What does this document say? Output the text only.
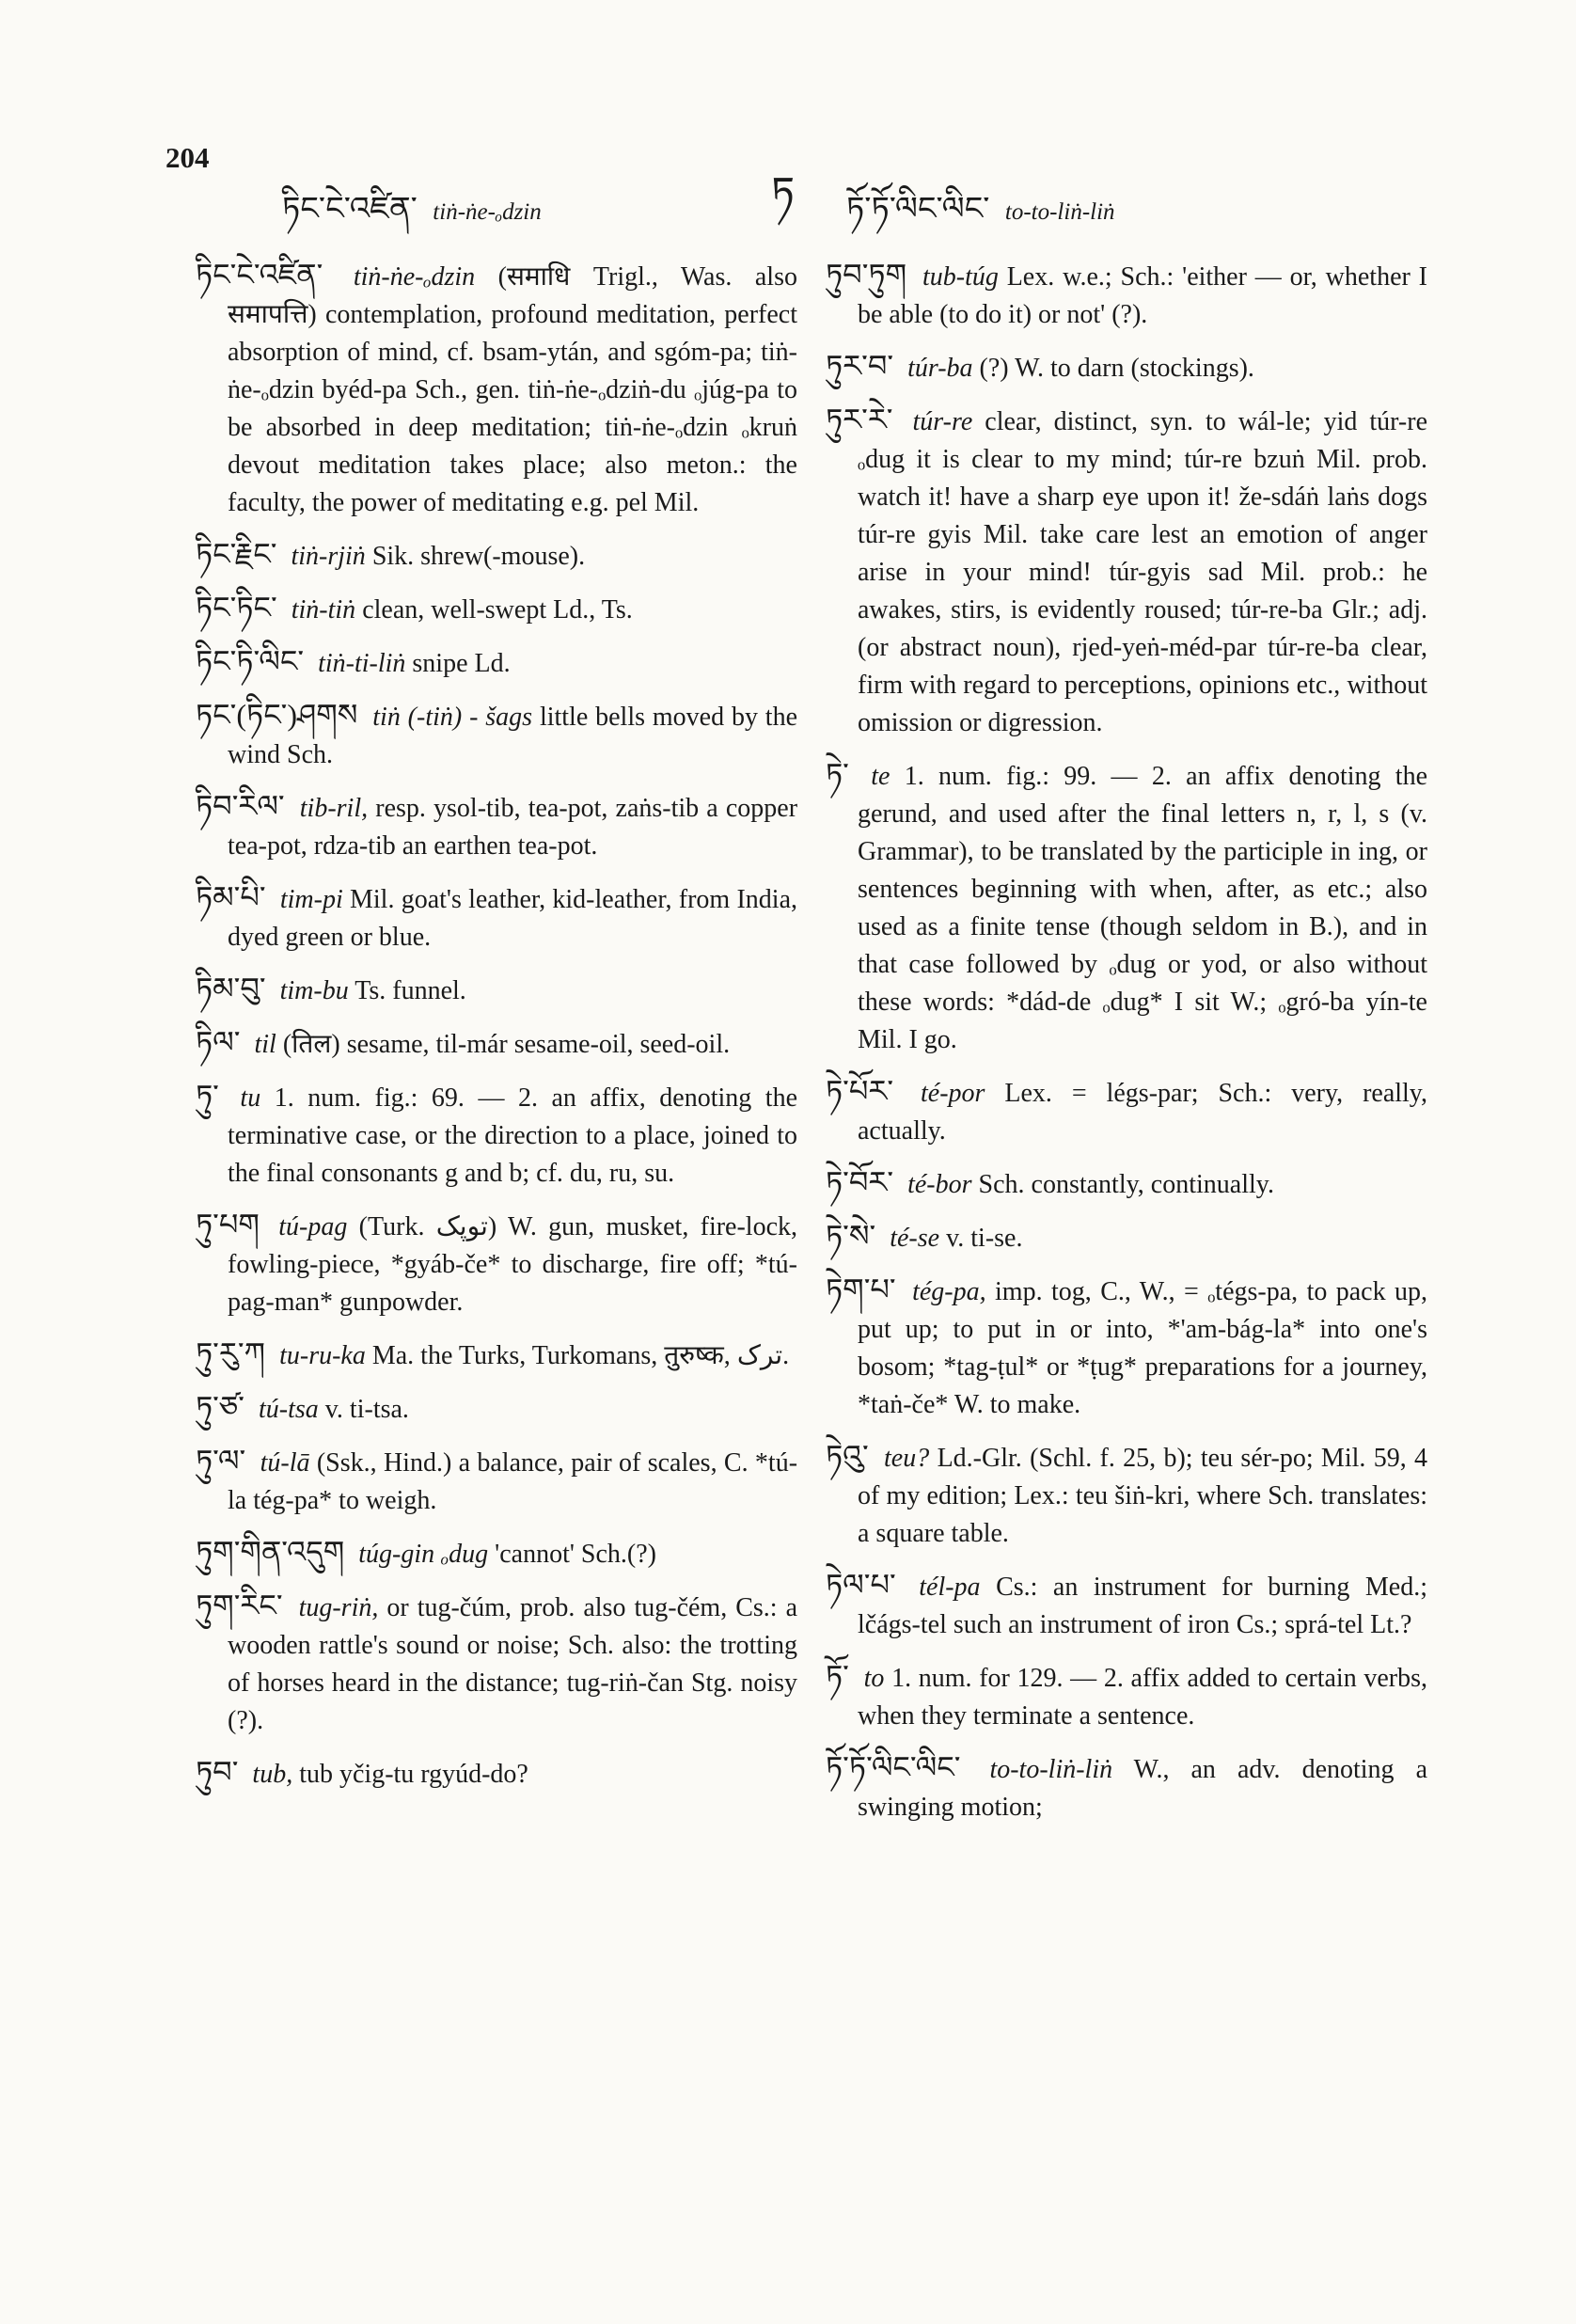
204
ཏིང་ངེ་འཛིན་ tiṅ-ṅe-ₒdzin	ཏ ཏོ་ཏོ་ལིང་ལིང་ to-to-liṅ-liṅ

ཏིང་ངེ་འཛིན་ tiṅ-ṅe-ₒdzin (समाधि Trigl., Was. also समापत्ति) contemplation, profound meditation, perfect absorption of mind, cf. bsam-ytán, and sgóm-pa; tiṅ-ṅe-ₒdzin byéd-pa Sch., gen. tiṅ-ṅe-ₒdziṅ-du ₒjúg-pa to be absorbed in deep meditation; tiṅ-ṅe-ₒdzin ₒkruṅ devout meditation takes place; also meton.: the faculty, the power of meditating e.g. pel Mil.

ཏིང་རྗིང་ tiṅ-rjiṅ Sik. shrew(-mouse).

ཏིང་ཏིང་ tiṅ-tiṅ clean, well-swept Ld., Ts.

ཏིང་ཏི་ལིང་ tiṅ-ti-liṅ snipe Ld.

ཏང་(ཏིང་)ཤགས tiṅ (-tiṅ) - šags little bells moved by the wind Sch.

ཏིབ་རིལ་ tib-ril, resp. ysol-tib, tea-pot, zaṅs-tib a copper tea-pot, rdza-tib an earthen tea-pot.

ཏིམ་པི་ tim-pi Mil. goat's leather, kid-leather, from India, dyed green or blue.

ཏིམ་བུ་ tim-bu Ts. funnel.

ཏིལ་ til (तिल) sesame, til-már sesame-oil, seed-oil.

ཏུ་ tu 1. num. fig.: 69. — 2. an affix, denoting the terminative case, or the direction to a place, joined to the final consonants g and b; cf. du, ru, su.

ཏུ་པག tú-pag (Turk. توپک) W. gun, musket, fire-lock, fowling-piece, *gyáb-če* to discharge, fire off; *tú-pag-man* gunpowder.

ཏུ་རུ་ཀ tu-ru-ka Ma. the Turks, Turkomans, तुरुष्क, ترک.

ཏུ་ཙ་ tú-tsa v. ti-tsa.

ཏུ་ལ་ tú-lā (Ssk., Hind.) a balance, pair of scales, C. *tú-la tég-pa* to weigh.

ཏུག་གིན་འདུག túg-gin ₒdug 'cannot' Sch.(?)

ཏུག་རིང་ tug-riṅ, or tug-čúm, prob. also tug-čém, Cs.: a wooden rattle's sound or noise; Sch. also: the trotting of horses heard in the distance; tug-riṅ-čan Stg. noisy (?).

ཏུབ་ tub, tub yčig-tu rgyúd-do?

ཏུབ་ཏུག tub-túg Lex. w.e.; Sch.: 'either — or, whether I be able (to do it) or not' (?).

ཏུར་བ་ túr-ba (?) W. to darn (stockings).

ཏུར་རེ་ túr-re clear, distinct, syn. to wál-le; yid túr-re ₒdug it is clear to my mind; túr-re bzuṅ Mil. prob. watch it! have a sharp eye upon it! že-sdáṅ laṅs dogs túr-re gyis Mil. take care lest an emotion of anger arise in your mind! túr-gyis sad Mil. prob.: he awakes, stirs, is evidently roused; túr-re-ba Glr.; adj. (or abstract noun), rjed-yeṅ-méd-par túr-re-ba clear, firm with regard to perceptions, opinions etc., without omission or digression.

ཏེ་ te 1. num. fig.: 99. — 2. an affix denoting the gerund, and used after the final letters n, r, l, s (v. Grammar), to be translated by the participle in ing, or sentences beginning with when, after, as etc.; also used as a finite tense (though seldom in B.), and in that case followed by ₒdug or yod, or also without these words: *dád-de ₒdug* I sit W.; ₒgró-ba yín-te Mil. I go.

ཏེ་པོར་ té-por Lex. = légs-par; Sch.: very, really, actually.

ཏེ་བོར་ té-bor Sch. constantly, continually.

ཏེ་སེ་ té-se v. ti-se.

ཏེག་པ་ tég-pa, imp. tog, C., W., = ₒtégs-pa, to pack up, put up; to put in or into, *'am-bág-la* into one's bosom; *tag-ṭul* or *ṭug* preparations for a journey, *taṅ-če* W. to make.

ཏེའུ་ teu? Ld.-Glr. (Schl. f. 25, b); teu sér-po; Mil. 59, 4 of my edition; Lex.: teu šiṅ-kri, where Sch. translates: a square table.

ཏེལ་པ་ tél-pa Cs.: an instrument for burning Med.; lčágs-tel such an instrument of iron Cs.; sprá-tel Lt.?

ཏོ་ to 1. num. for 129. — 2. affix added to certain verbs, when they terminate a sentence.

ཏོ་ཏོ་ལིང་ལིང་ to-to-liṅ-liṅ W., an adv. denoting a swinging motion;
